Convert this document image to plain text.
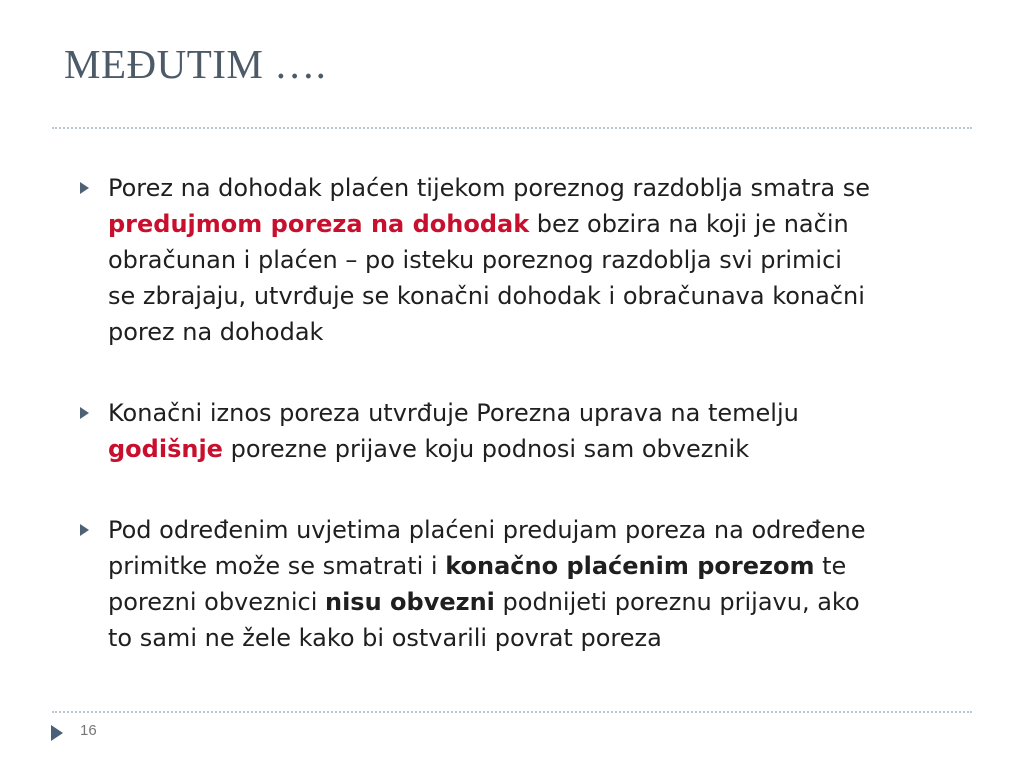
MEĐUTIM ….
Porez na dohodak plaćen tijekom poreznog razdoblja smatra se
predujmom poreza na dohodak bez obzira na koji je način
obračunan i plaćen – po isteku poreznog razdoblja svi primici
se zbrajaju, utvrđuje se konačni dohodak i obračunava konačni
porez na dohodak
Konačni iznos poreza utvrđuje Porezna uprava na temelju
godišnje porezne prijave koju podnosi sam obveznik
Pod određenim uvjetima plaćeni predujam poreza na određene
primitke može se smatrati i konačno plaćenim porezom te
porezni obveznici nisu obvezni podnijeti poreznu prijavu, ako
to sami ne žele kako bi ostvarili povrat poreza
16
